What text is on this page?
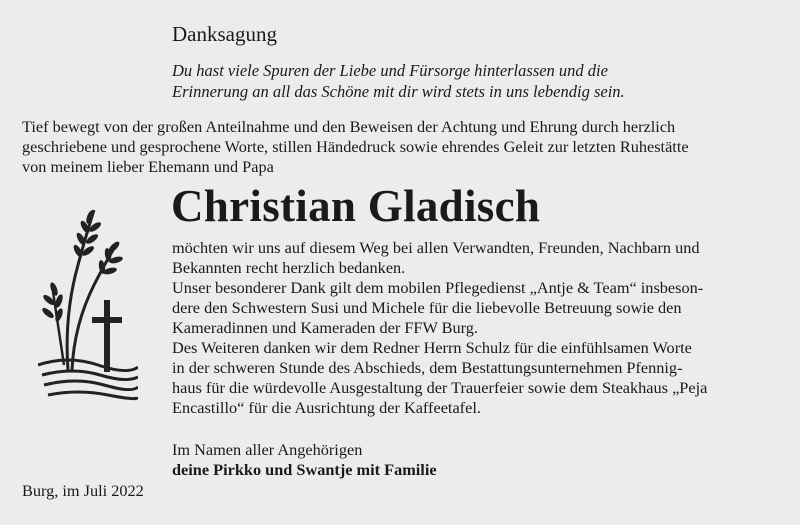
Danksagung
Du hast viele Spuren der Liebe und Fürsorge hinterlassen und die
Erinnerung an all das Schöne mit dir wird stets in uns lebendig sein.
Tief bewegt von der großen Anteilnahme und den Beweisen der Achtung und Ehrung durch herzlich
geschriebene und gesprochene Worte, stillen Händedruck sowie ehrendes Geleit zur letzten Ruhestätte
von meinem lieber Ehemann und Papa
Christian Gladisch
möchten wir uns auf diesem Weg bei allen Verwandten, Freunden, Nachbarn und
Bekannten recht herzlich bedanken.
Unser besonderer Dank gilt dem mobilen Pflegedienst „Antje & Team“ insbeson-
dere den Schwestern Susi und Michele für die liebevolle Betreuung sowie den
Kameradinnen und Kameraden der FFW Burg.
Des Weiteren danken wir dem Redner Herrn Schulz für die einfühlsamen Worte
in der schweren Stunde des Abschieds, dem Bestattungsunternehmen Pfennig-
haus für die würdevolle Ausgestaltung der Trauerfeier sowie dem Steakhaus „Peja
Encastillo“ für die Ausrichtung der Kaffeetafel.
Im Namen aller Angehörigen
deine Pirkko und Swantje mit Familie
Burg, im Juli 2022
